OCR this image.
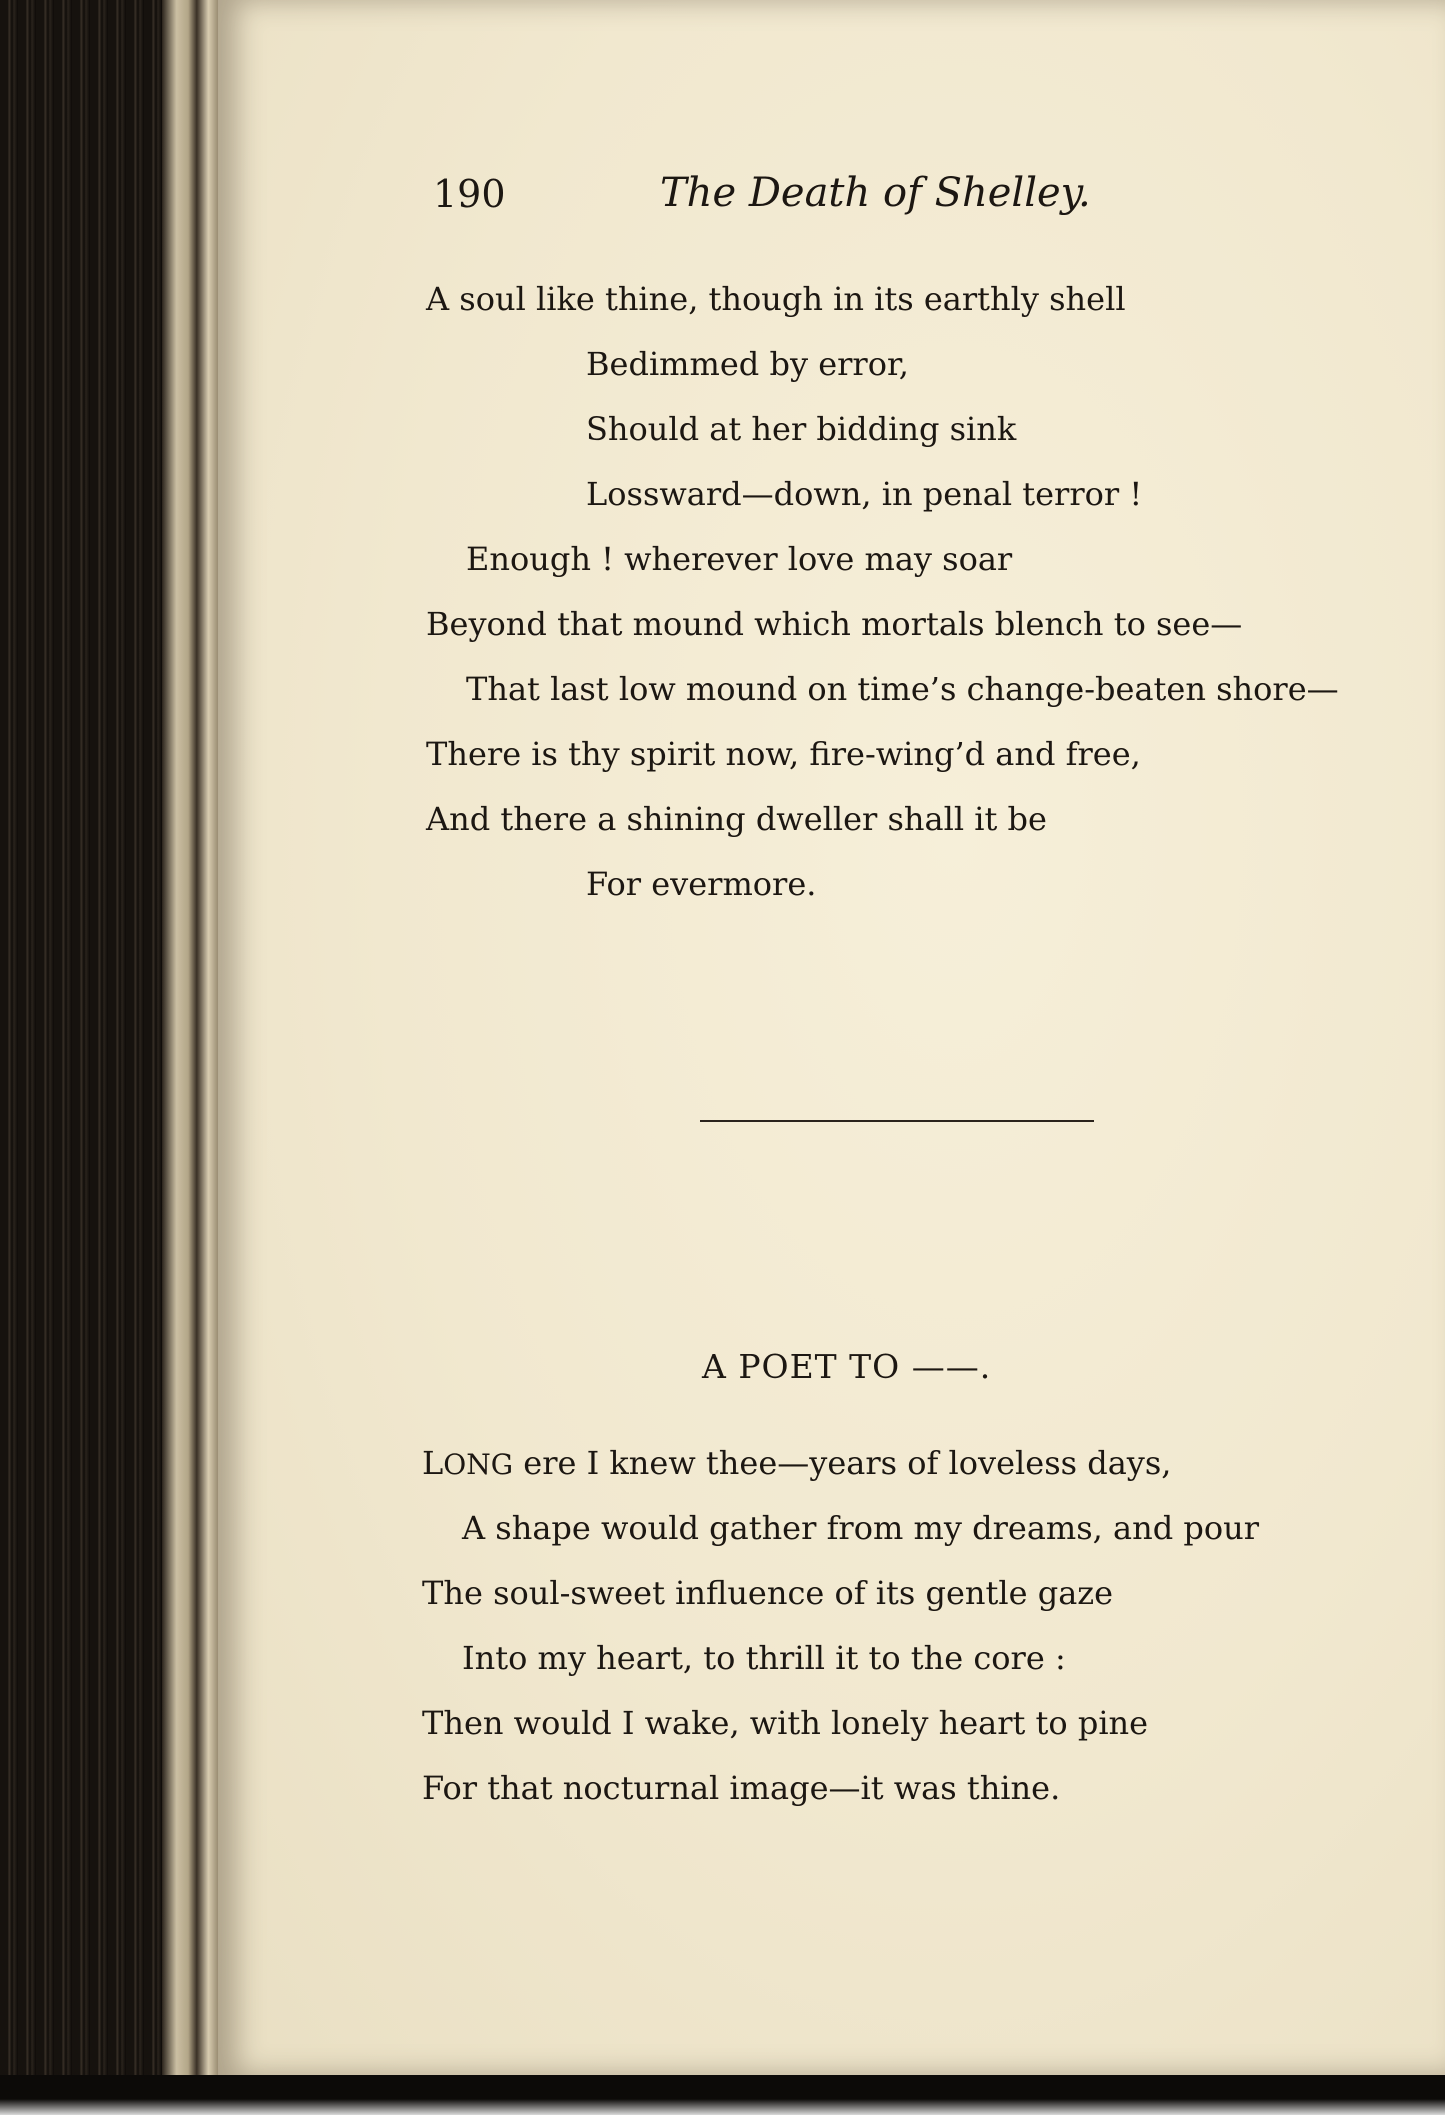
190	The Death of Shelley.
A soul like thine, though in its earthly shell
Bedimmed by error,
Should at her bidding sink
Lossward—down, in penal terror !
Enough ! wherever love may soar
Beyond that mound which mortals blench to see—
That last low mound on time’s change-beaten shore—
There is thy spirit now, fire-wing’d and free,
And there a shining dweller shall it be
For evermore.
A POET TO ——.
LONG ere I knew thee—years of loveless days,
A shape would gather from my dreams, and pour
The soul-sweet influence of its gentle gaze
Into my heart, to thrill it to the core :
Then would I wake, with lonely heart to pine
For that nocturnal image—it was thine.
